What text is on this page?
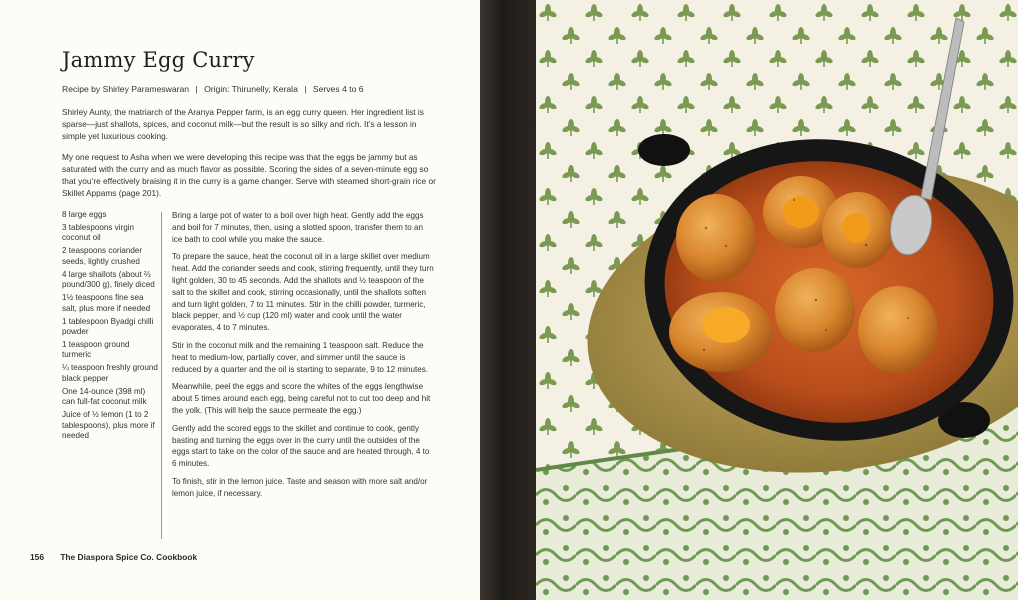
Jammy Egg Curry
Recipe by Shirley Parameswaran | Origin: Thirunelly, Kerala | Serves 4 to 6

Shirley Aunty, the matriarch of the Aranya Pepper farm, is an egg curry queen. Her ingredient list is sparse—just shallots, spices, and coconut milk—but the result is so silky and rich. It’s a lesson in simple yet luxurious cooking.

My one request to Asha when we were developing this recipe was that the eggs be jammy but as saturated with the curry and as much flavor as possible. Scoring the sides of a seven-minute egg so that you’re effectively braising it in the curry is a game changer. Serve with steamed short-grain rice or Skillet Appams (page 201).

8 large eggs
3 tablespoons virgin coconut oil
2 teaspoons coriander seeds, lightly crushed
4 large shallots (about ⅔ pound/300 g), finely diced
1½ teaspoons fine sea salt, plus more if needed
1 tablespoon Byadgi chilli powder
1 teaspoon ground turmeric
¼ teaspoon freshly ground black pepper
One 14-ounce (398 ml) can full-fat coconut milk
Juice of ½ lemon (1 to 2 tablespoons), plus more if needed

Bring a large pot of water to a boil over high heat. Gently add the eggs and boil for 7 minutes, then, using a slotted spoon, transfer them to an ice bath to cool while you make the sauce.

To prepare the sauce, heat the coconut oil in a large skillet over medium heat. Add the coriander seeds and cook, stirring frequently, until they turn light golden, 30 to 45 seconds. Add the shallots and ½ teaspoon of the salt to the skillet and cook, stirring occasionally, until the shallots soften and turn light golden, 7 to 11 minutes. Stir in the chilli powder, turmeric, black pepper, and ½ cup (120 ml) water and cook until the water evaporates, 4 to 7 minutes.

Stir in the coconut milk and the remaining 1 teaspoon salt. Reduce the heat to medium-low, partially cover, and simmer until the sauce is reduced by a quarter and the oil is starting to separate, 9 to 12 minutes.

Meanwhile, peel the eggs and score the whites of the eggs lengthwise about 5 times around each egg, being careful not to cut too deep and hit the yolk. (This will help the sauce permeate the egg.)

Gently add the scored eggs to the skillet and continue to cook, gently basting and turning the eggs over in the curry until the outsides of the eggs start to take on the color of the sauce and are heated through, 4 to 6 minutes.

To finish, stir in the lemon juice. Taste and season with more salt and/or lemon juice, if necessary.

156 The Diaspora Spice Co. Cookbook
